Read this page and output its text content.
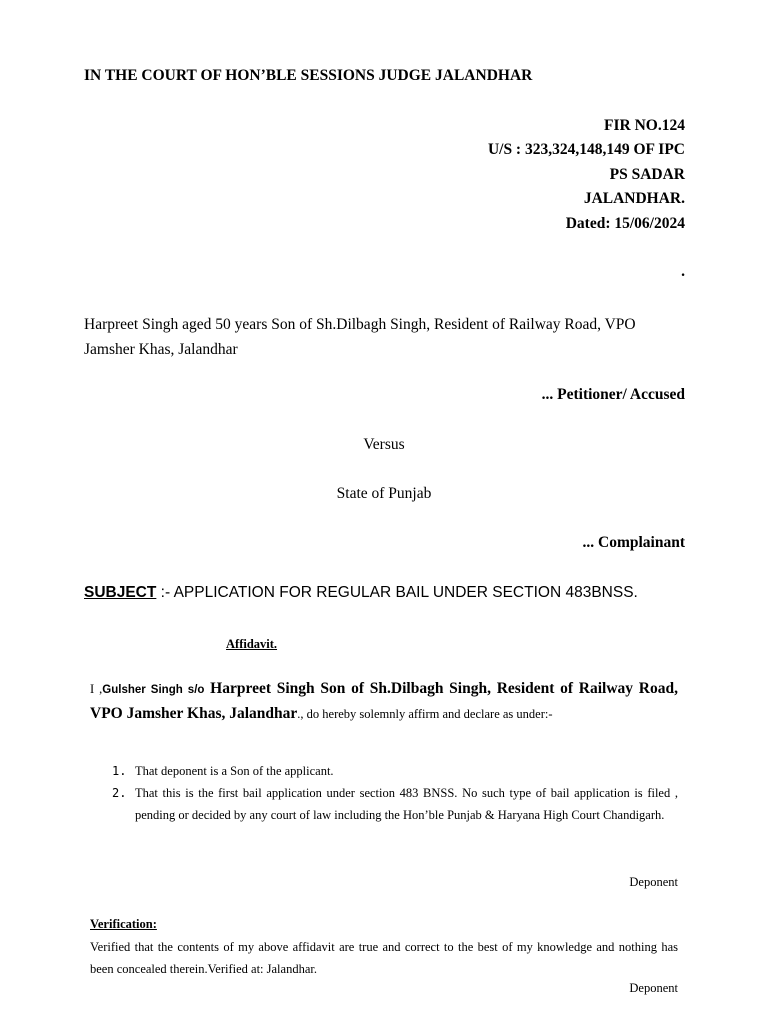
IN THE COURT OF HON’BLE SESSIONS JUDGE JALANDHAR
FIR NO.124
U/S : 323,324,148,149 OF IPC
PS SADAR
JALANDHAR.
Dated: 15/06/2024
.
Harpreet Singh aged 50 years Son of Sh.Dilbagh Singh, Resident of Railway Road, VPO Jamsher Khas, Jalandhar
... Petitioner/ Accused
Versus
State of Punjab
... Complainant
SUBJECT :- APPLICATION FOR REGULAR BAIL UNDER SECTION 483BNSS.
Affidavit.
I ,Gulsher Singh s/o Harpreet Singh Son of Sh.Dilbagh Singh, Resident of Railway Road, VPO Jamsher Khas, Jalandhar., do hereby solemnly affirm and declare as under:-
1. That deponent is a Son of the applicant.
2. That this is the first bail application under section 483 BNSS. No such type of bail application is filed , pending or decided by any court of law including the Hon’ble Punjab & Haryana High Court Chandigarh.
Deponent
Verification:
Verified that the contents of my above affidavit are true and correct to the best of my knowledge and nothing has been concealed therein.Verified at: Jalandhar.
Deponent
